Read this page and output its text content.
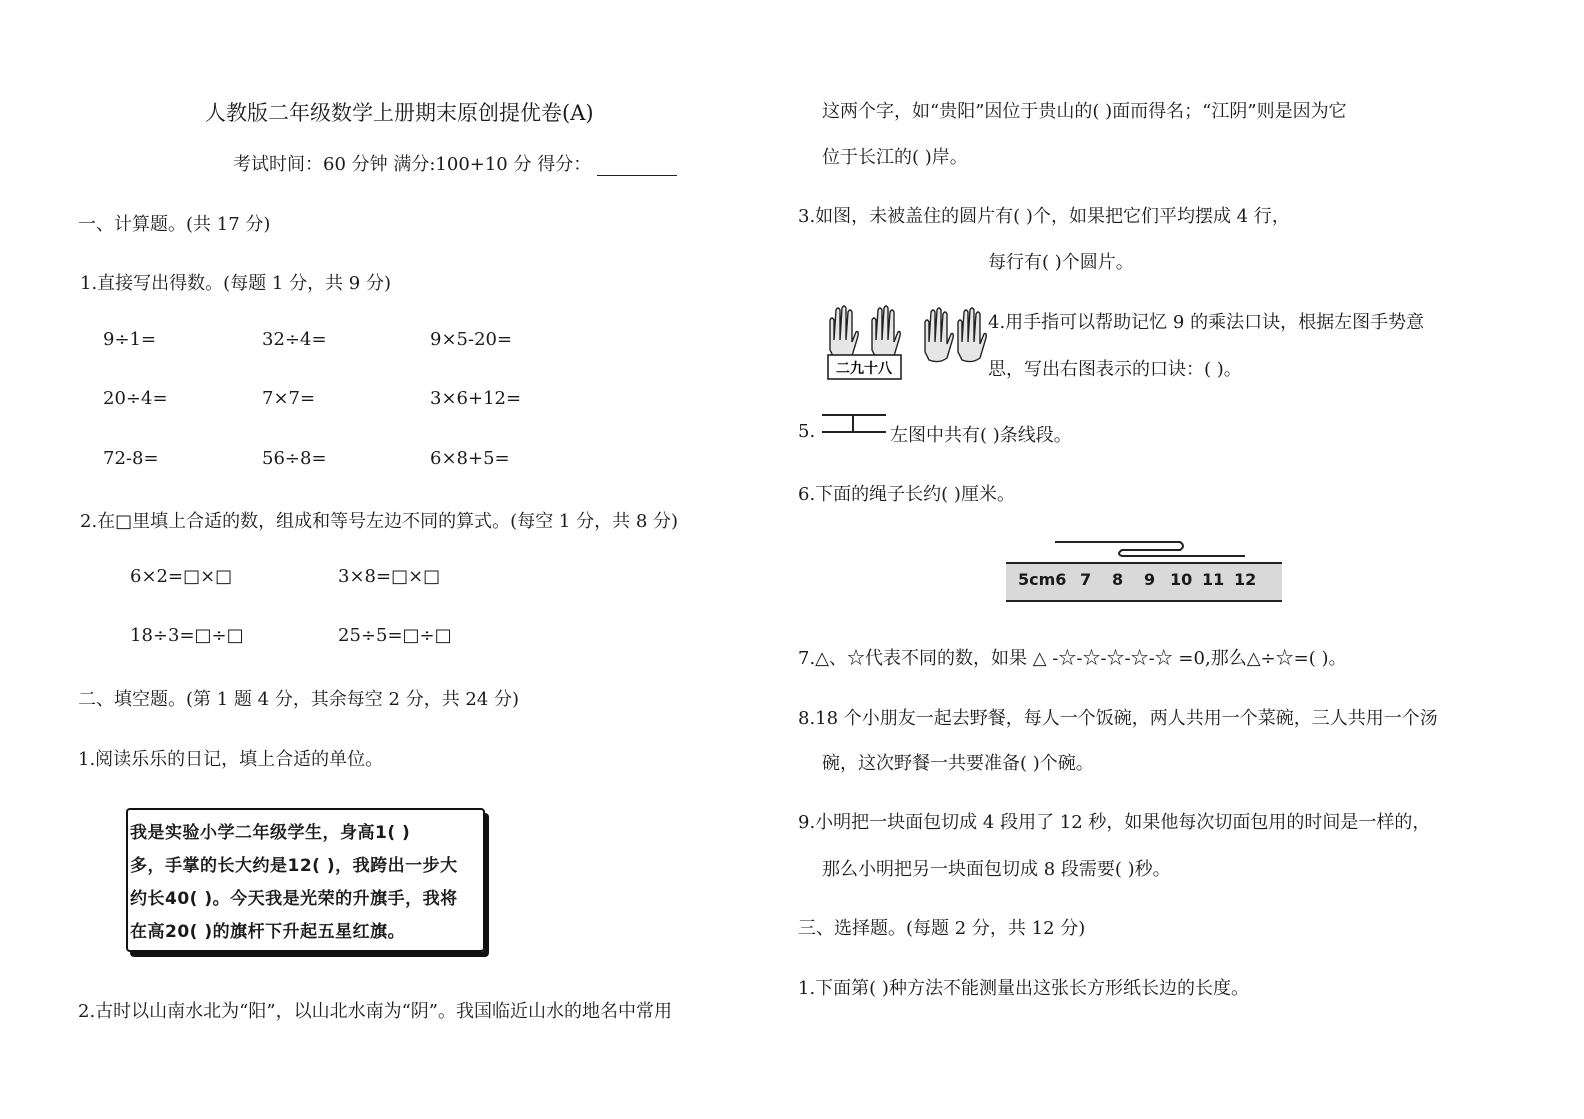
人教版二年级数学上册期末原创提优卷(A)
考试时间：60 分钟 满分:100+10 分 得分：
一、计算题。(共 17 分)
1.直接写出得数。(每题 1 分，共 9 分)
9÷1=	32÷4=	9×5-20=
20÷4=	7×7=	3×6+12=
72-8=	56÷8=	6×8+5=
2.在□里填上合适的数，组成和等号左边不同的算式。(每空 1 分，共 8 分)
6×2=□×□	3×8=□×□
18÷3=□÷□	25÷5=□÷□
二、填空题。(第 1 题 4 分，其余每空 2 分，共 24 分)
1.阅读乐乐的日记，填上合适的单位。
我是实验小学二年级学生，身高1( )
多，手掌的长大约是12( )，我跨出一步大
约长40( )。今天我是光荣的升旗手，我将
在高20( )的旗杆下升起五星红旗。
2.古时以山南水北为“阳”，以山北水南为“阴”。我国临近山水的地名中常用
这两个字，如“贵阳”因位于贵山的( )面而得名；“江阴”则是因为它
位于长江的( )岸。
3.如图，未被盖住的圆片有( )个，如果把它们平均摆成 4 行，
每行有( )个圆片。
二九十八
4.用手指可以帮助记忆 9 的乘法口诀，根据左图手势意
思，写出右图表示的口诀：( )。
5.	左图中共有( )条线段。
6.下面的绳子长约( )厘米。
5cm6 7 8 9 10 11 12
7.△、☆代表不同的数，如果 △ -☆-☆-☆-☆-☆ =0,那么△÷☆=( )。
8.18 个小朋友一起去野餐，每人一个饭碗，两人共用一个菜碗，三人共用一个汤
碗，这次野餐一共要准备( )个碗。
9.小明把一块面包切成 4 段用了 12 秒，如果他每次切面包用的时间是一样的，
那么小明把另一块面包切成 8 段需要( )秒。
三、选择题。(每题 2 分，共 12 分)
1.下面第( )种方法不能测量出这张长方形纸长边的长度。
